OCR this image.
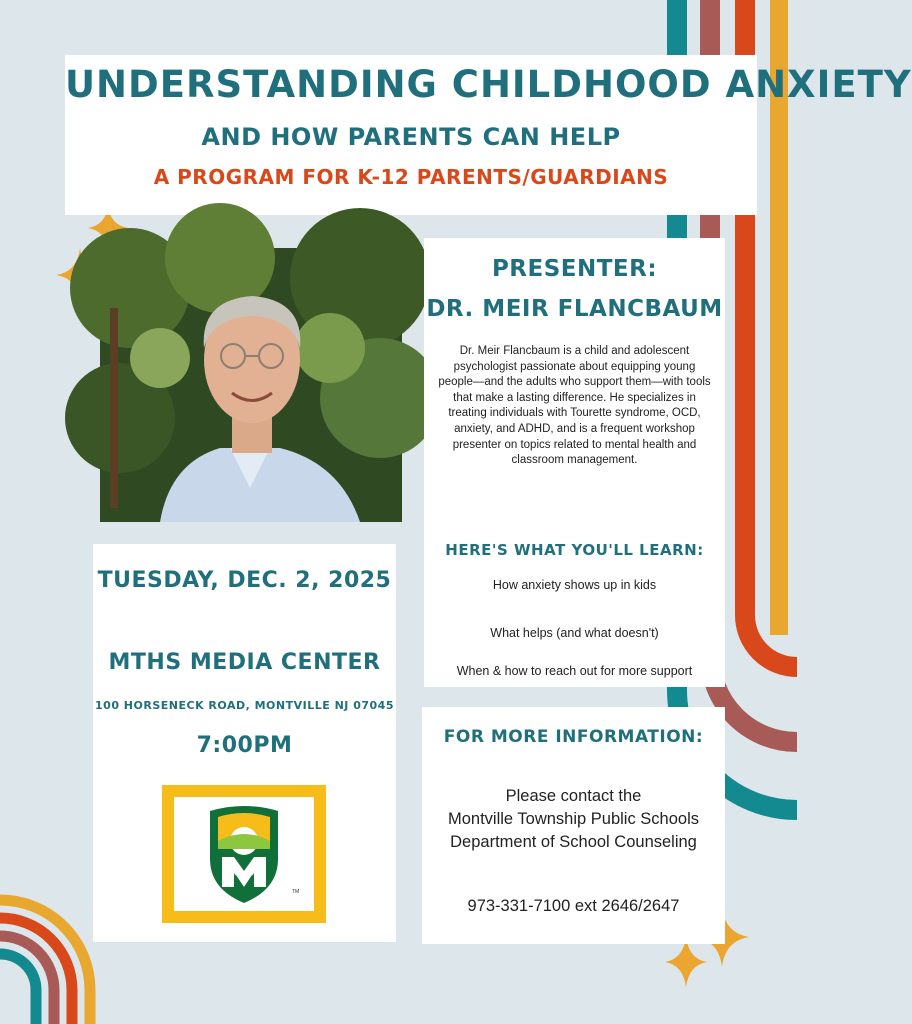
UNDERSTANDING CHILDHOOD ANXIETY
AND HOW PARENTS CAN HELP
A PROGRAM FOR K-12 PARENTS/GUARDIANS
PRESENTER:
DR. MEIR FLANCBAUM
Dr. Meir Flancbaum is a child and adolescent psychologist passionate about equipping young people—and the adults who support them—with tools that make a lasting difference. He specializes in treating individuals with Tourette syndrome, OCD, anxiety, and ADHD, and is a frequent workshop presenter on topics related to mental health and classroom management.
HERE'S WHAT YOU'LL LEARN:
How anxiety shows up in kids
What helps (and what doesn't)
When & how to reach out for more support
TUESDAY, DEC. 2, 2025
MTHS MEDIA CENTER
100 HORSENECK ROAD, MONTVILLE NJ 07045
7:00PM
TM
FOR MORE INFORMATION:
Please contact the
Montville Township Public Schools
Department of School Counseling
973-331-7100 ext 2646/2647
